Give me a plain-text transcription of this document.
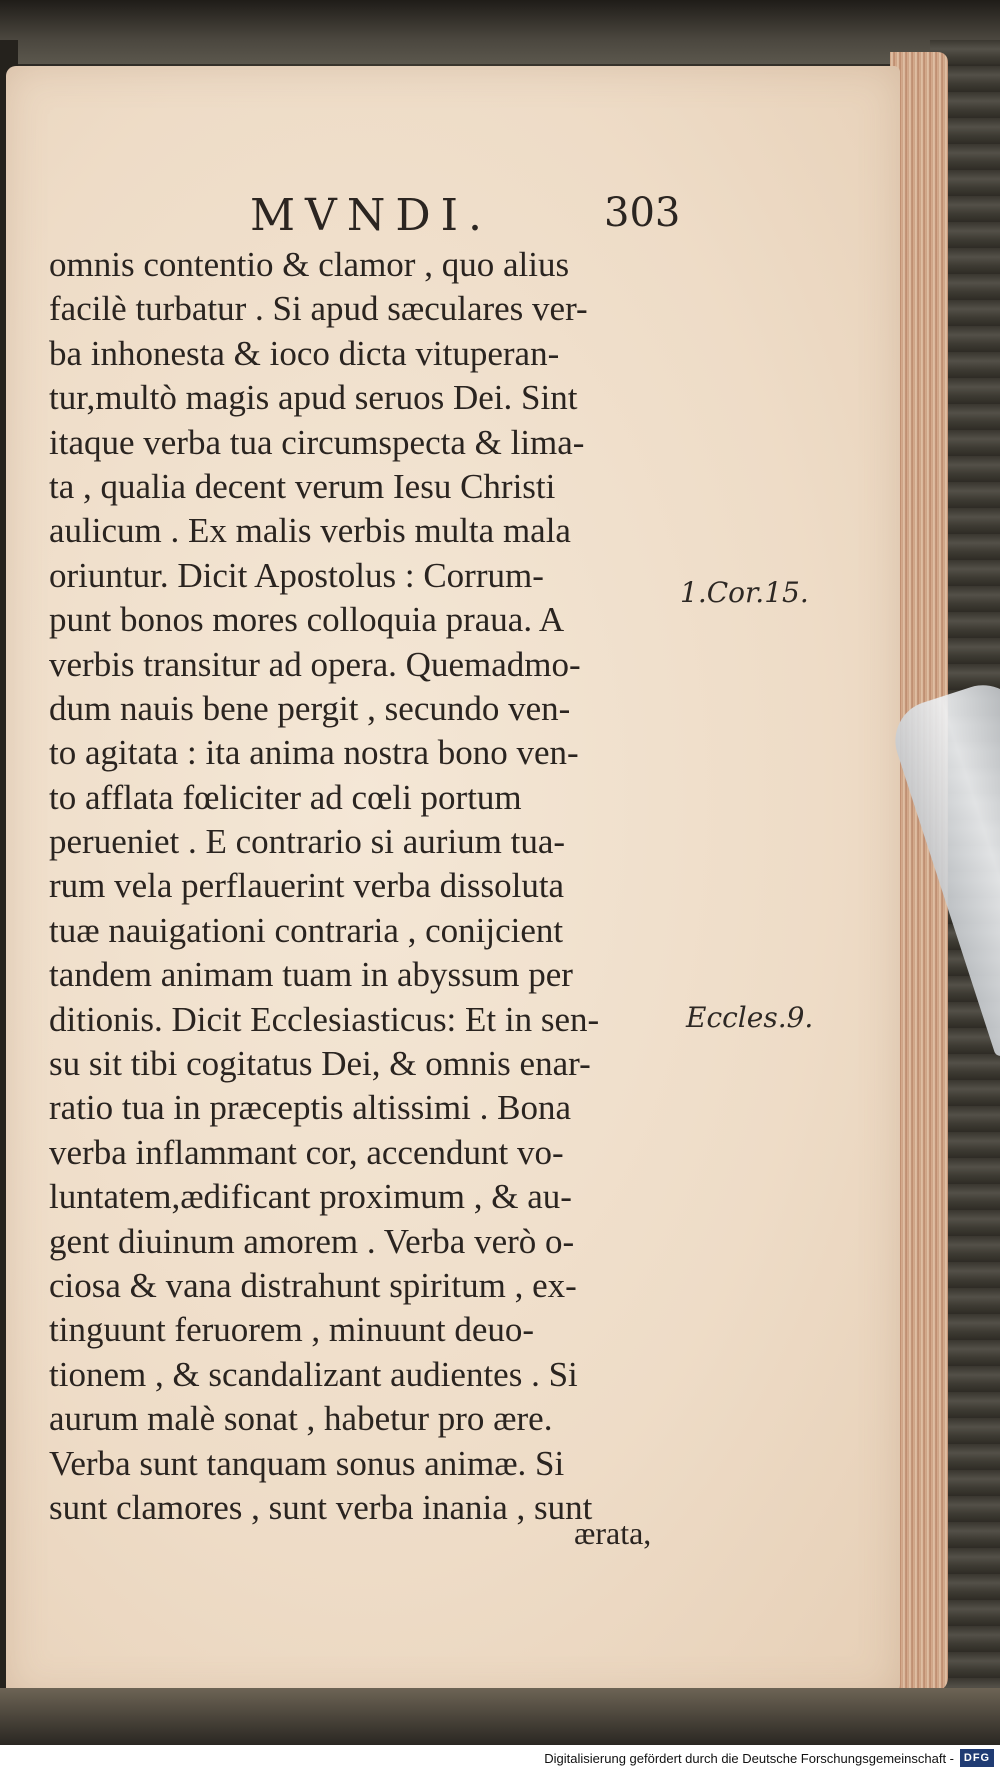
MVNDI.	303
omnis contentio & clamor , quo alius
facilè turbatur . Si apud sæculares ver-
ba inhonesta & ioco dicta vituperan-
tur,multò magis apud seruos Dei. Sint
itaque verba tua circumspecta & lima-
ta , qualia decent verum Iesu Christi
aulicum . Ex malis verbis multa mala
oriuntur. Dicit Apostolus : Corrum-
punt bonos mores colloquia praua. A
verbis transitur ad opera. Quemadmo-
dum nauis bene pergit , secundo ven-
to agitata : ita anima nostra bono ven-
to afflata fœliciter ad cœli portum
perueniet . E contrario si aurium tua-
rum vela perflauerint verba dissoluta
tuæ nauigationi contraria , conijcient
tandem animam tuam in abyssum per
ditionis. Dicit Ecclesiasticus: Et in sen-
su sit tibi cogitatus Dei, & omnis enar-
ratio tua in præceptis altissimi . Bona
verba inflammant cor, accendunt vo-
luntatem,ædificant proximum , & au-
gent diuinum amorem . Verba verò o-
ciosa & vana distrahunt spiritum , ex-
tinguunt feruorem , minuunt deuo-
tionem , & scandalizant audientes . Si
aurum malè sonat , habetur pro ære.
Verba sunt tanquam sonus animæ. Si
sunt clamores , sunt verba inania , sunt
ærata,
1.Cor.15.
Eccles.9.
Digitalisierung gefördert durch die Deutsche Forschungsgemeinschaft - DFG
